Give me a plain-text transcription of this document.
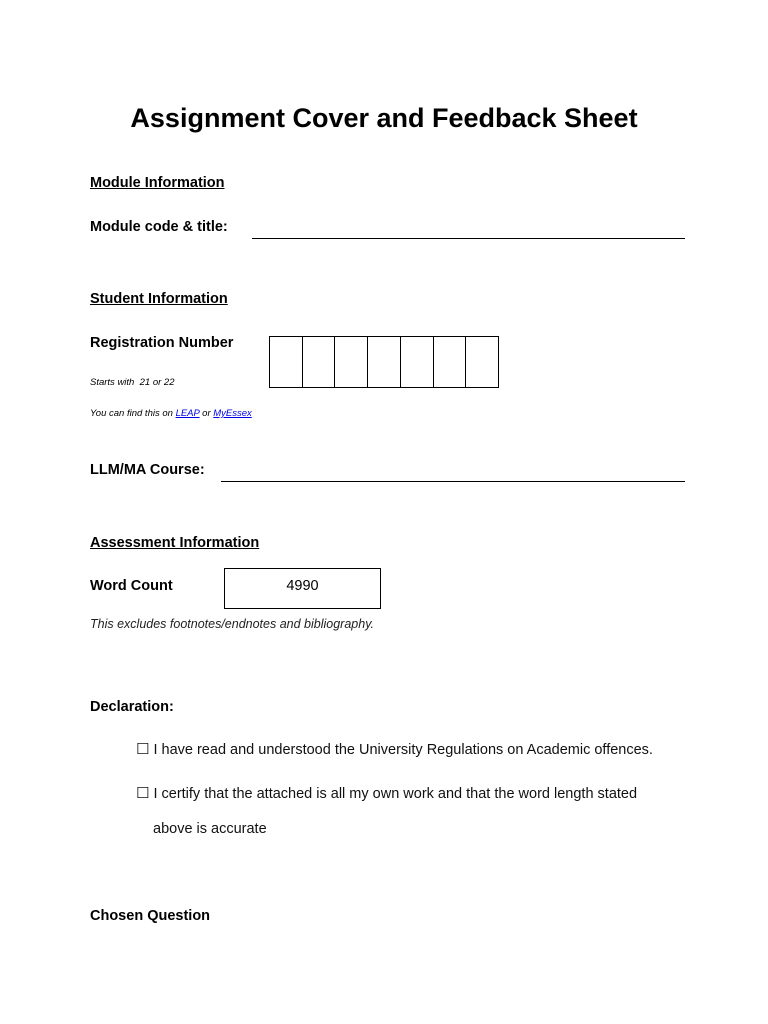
Assignment Cover and Feedback Sheet
Module Information
Module code & title:
Student Information
Registration Number
Starts with  21 or 22
You can find this on LEAP or MyEssex
LLM/MA Course:
Assessment Information
Word Count	4990
This excludes footnotes/endnotes and bibliography.
Declaration:
☐ I have read and understood the University Regulations on Academic offences.
☐ I certify that the attached is all my own work and that the word length stated
above is accurate
Chosen Question
